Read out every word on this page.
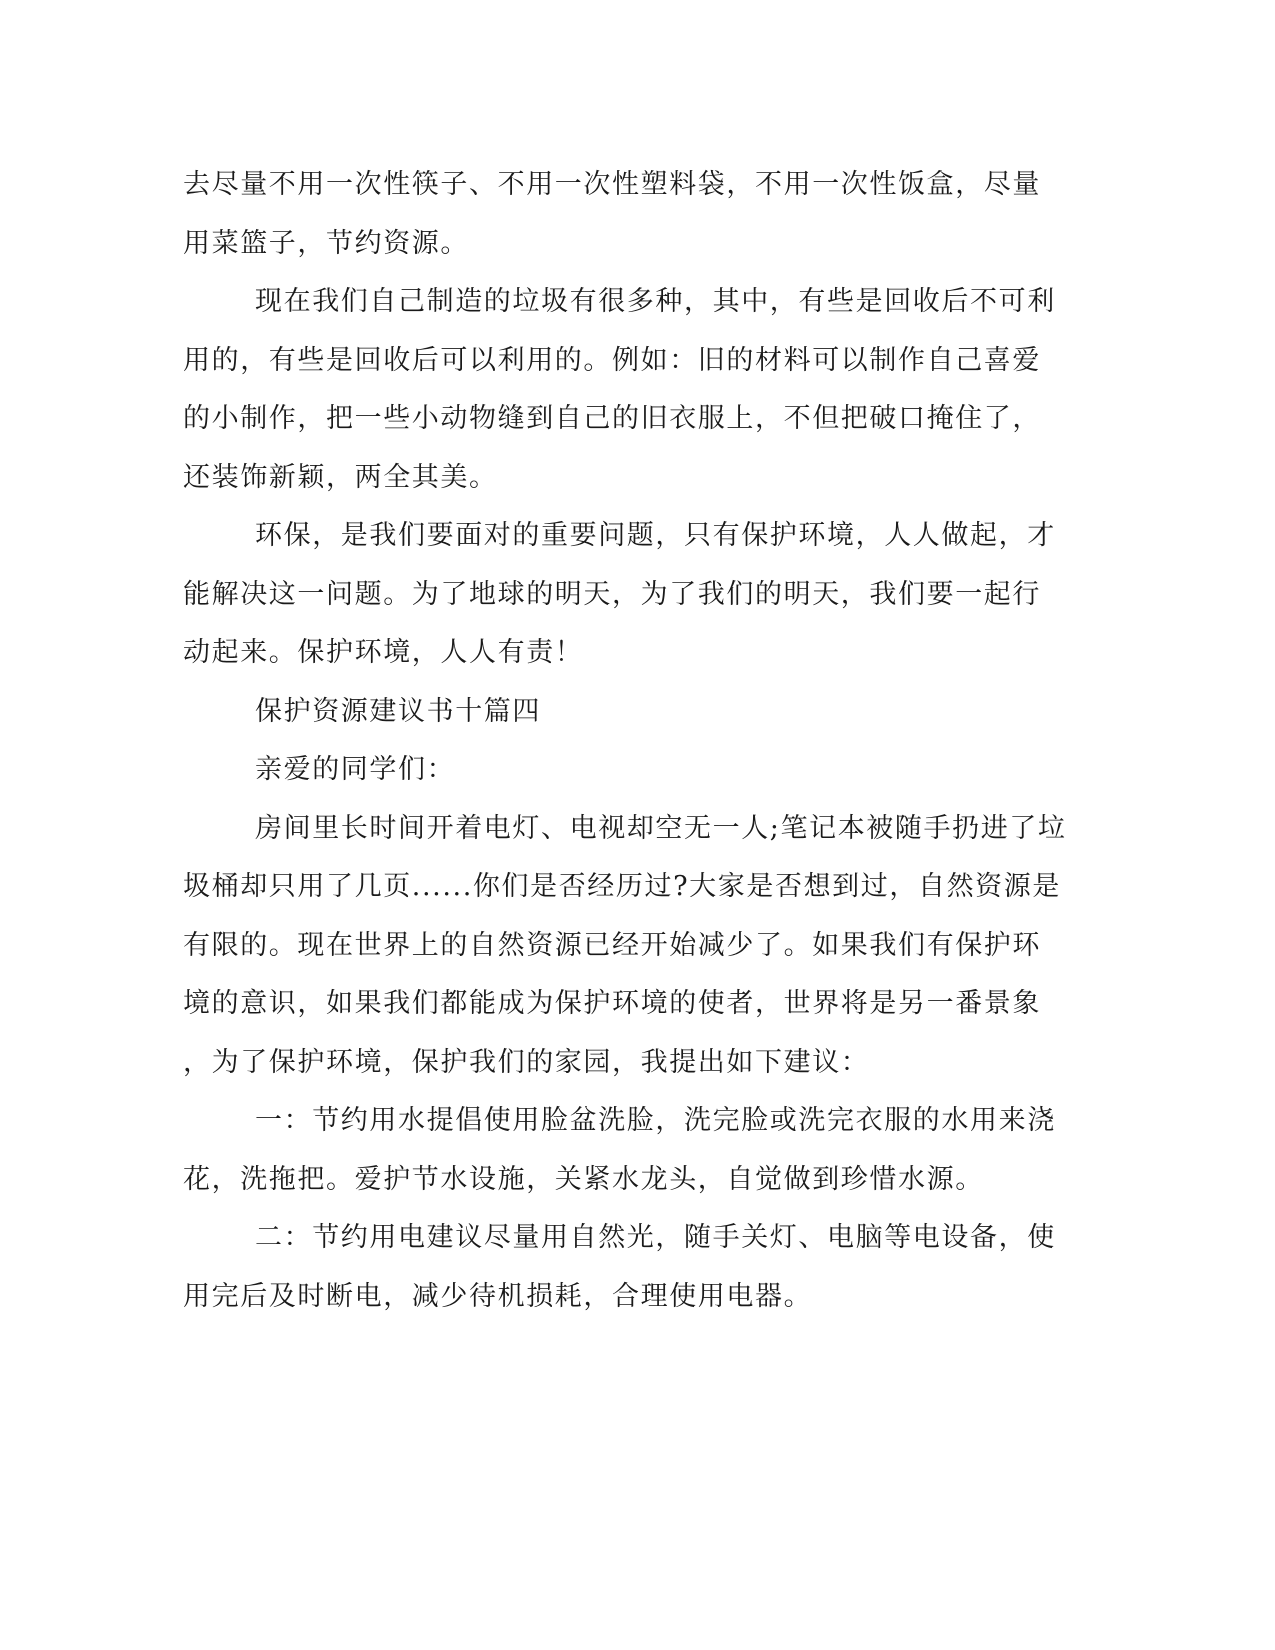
去尽量不用一次性筷子、不用一次性塑料袋，不用一次性饭盒，尽量
用菜篮子，节约资源。
现在我们自己制造的垃圾有很多种，其中，有些是回收后不可利
用的，有些是回收后可以利用的。例如：旧的材料可以制作自己喜爱
的小制作，把一些小动物缝到自己的旧衣服上，不但把破口掩住了，
还装饰新颖，两全其美。
环保，是我们要面对的重要问题，只有保护环境，人人做起，才
能解决这一问题。为了地球的明天，为了我们的明天，我们要一起行
动起来。保护环境，人人有责！
保护资源建议书十篇四
亲爱的同学们：
房间里长时间开着电灯、电视却空无一人;笔记本被随手扔进了垃
圾桶却只用了几页......你们是否经历过?大家是否想到过，自然资源是
有限的。现在世界上的自然资源已经开始减少了。如果我们有保护环
境的意识，如果我们都能成为保护环境的使者，世界将是另一番景象
，为了保护环境，保护我们的家园，我提出如下建议：
一：节约用水提倡使用脸盆洗脸，洗完脸或洗完衣服的水用来浇
花，洗拖把。爱护节水设施，关紧水龙头，自觉做到珍惜水源。
二：节约用电建议尽量用自然光，随手关灯、电脑等电设备，使
用完后及时断电，减少待机损耗，合理使用电器。
